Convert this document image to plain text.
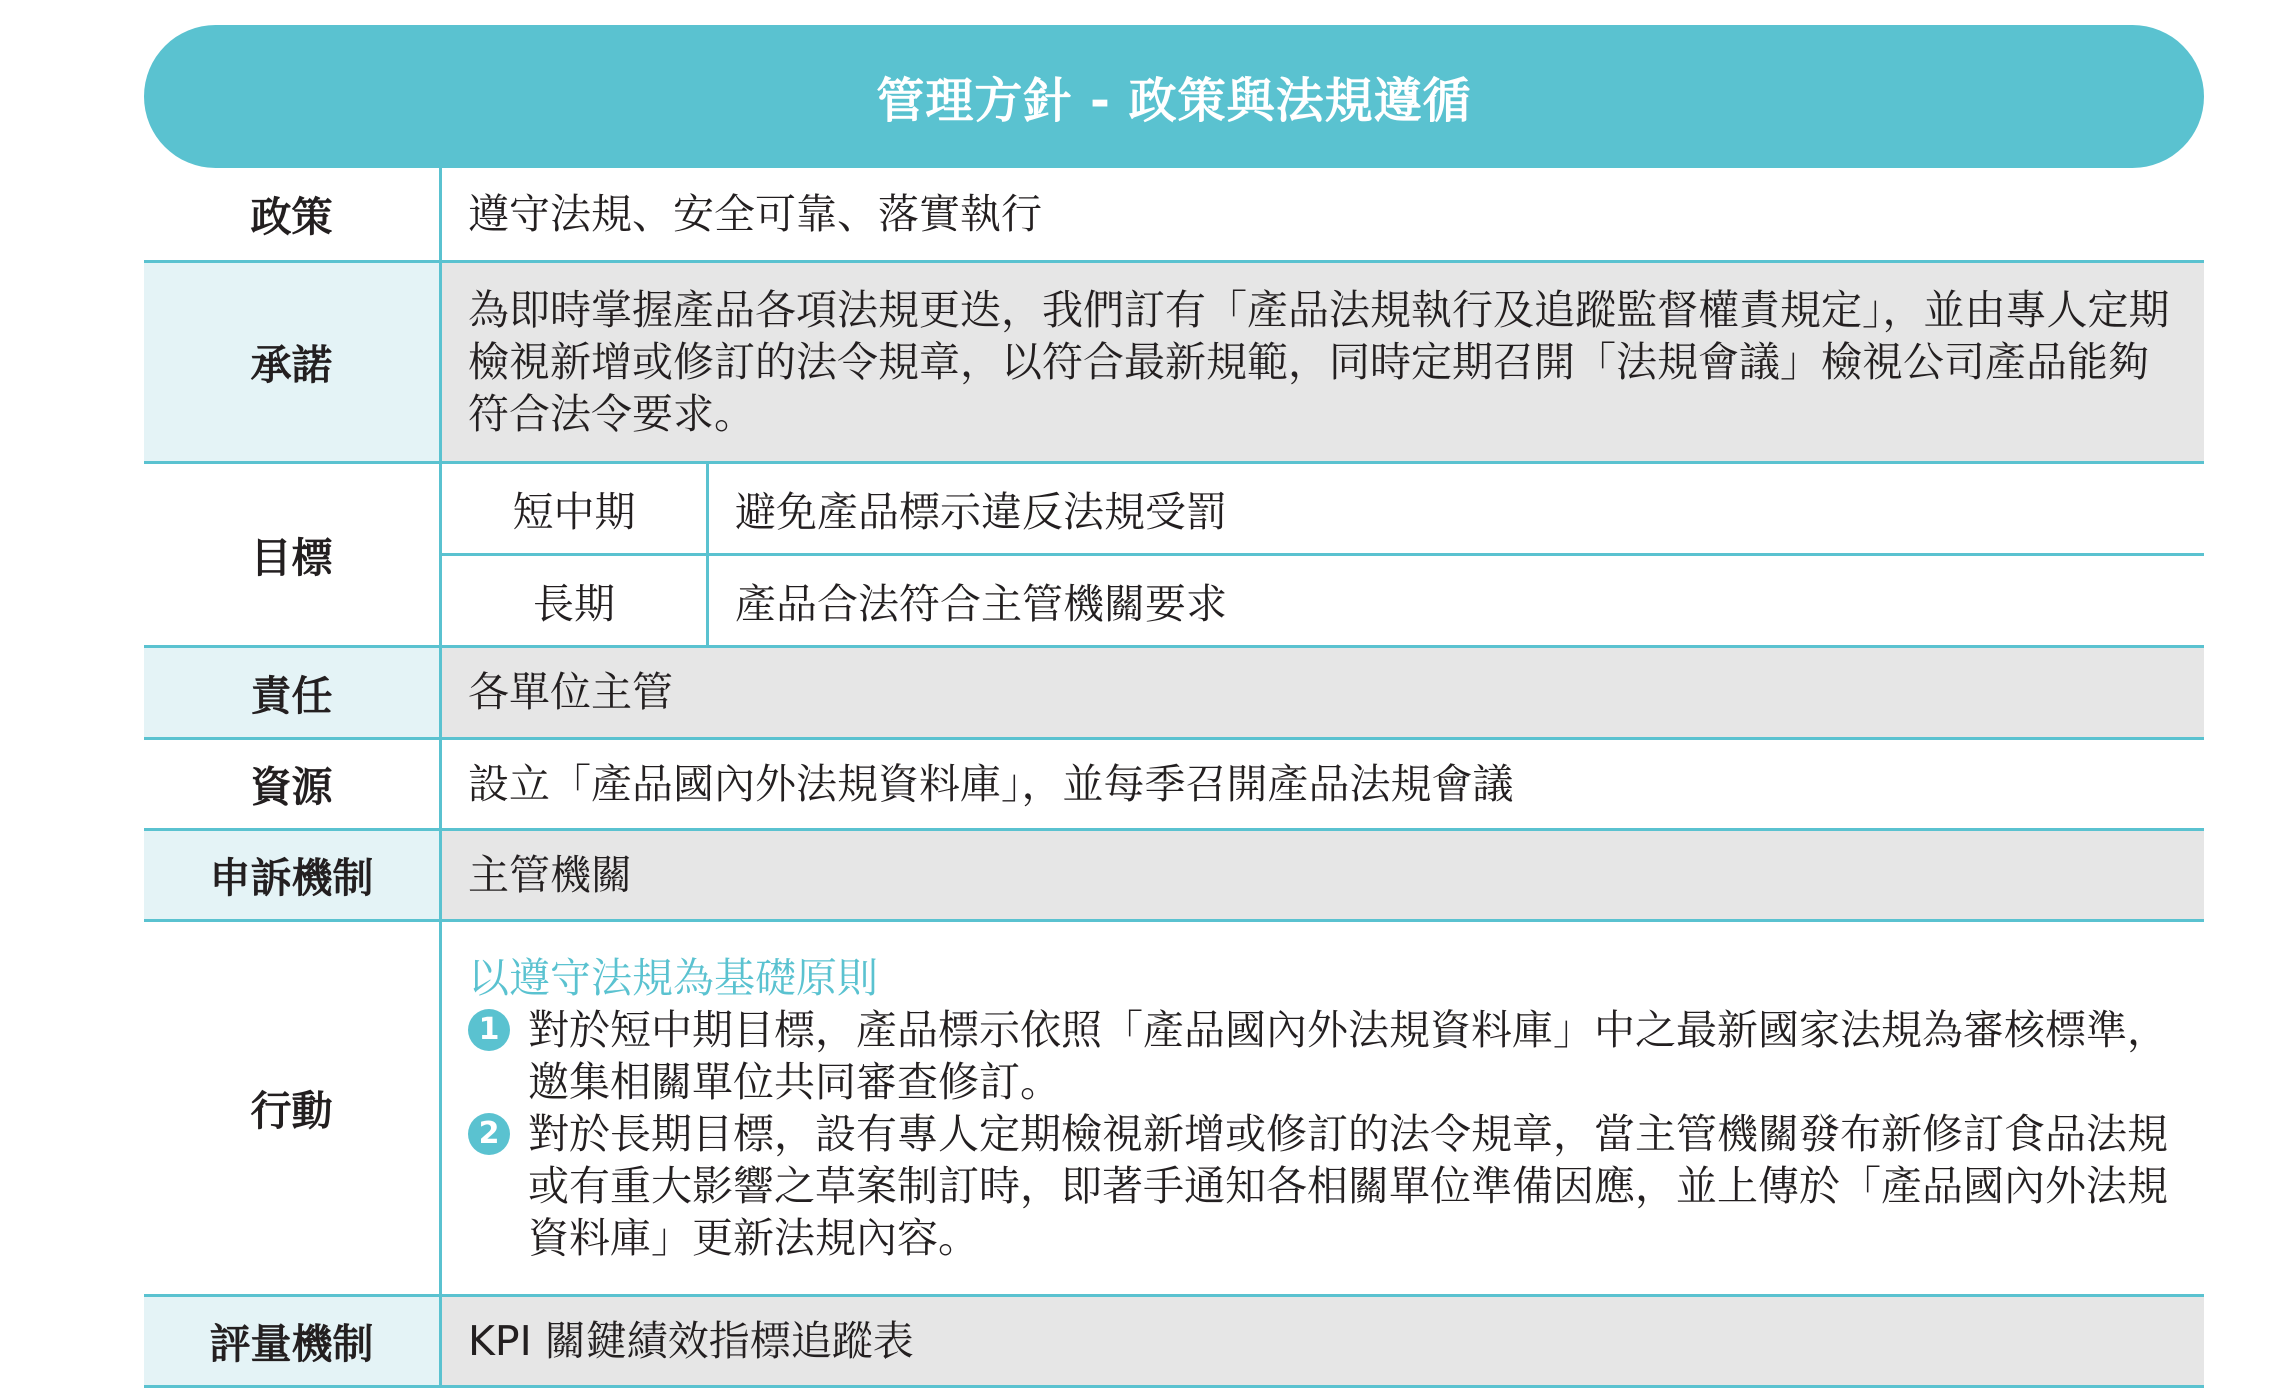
管理方針 - 政策與法規遵循
政策	遵守法規、安全可靠、落實執行
承諾	為即時掌握產品各項法規更迭，我們訂有「產品法規執行及追蹤監督權責規定」，並由專人定期檢視新增或修訂的法令規章，以符合最新規範，同時定期召開「法規會議」檢視公司產品能夠符合法令要求。
目標	
短中期	避免產品標示違反法規受罰
長期	產品合法符合主管機關要求

責任	各單位主管
資源	設立「產品國內外法規資料庫」，並每季召開產品法規會議
申訴機制	主管機關
行動	
以遵守法規為基礎原則
1 對於短中期目標，產品標示依照「產品國內外法規資料庫」中之最新國家法規為審核標準，邀集相關單位共同審查修訂。
2 對於長期目標，設有專人定期檢視新增或修訂的法令規章，當主管機關發布新修訂食品法規或有重大影響之草案制訂時，即著手通知各相關單位準備因應，並上傳於「產品國內外法規資料庫」更新法規內容。

評量機制	KPI 關鍵績效指標追蹤表
